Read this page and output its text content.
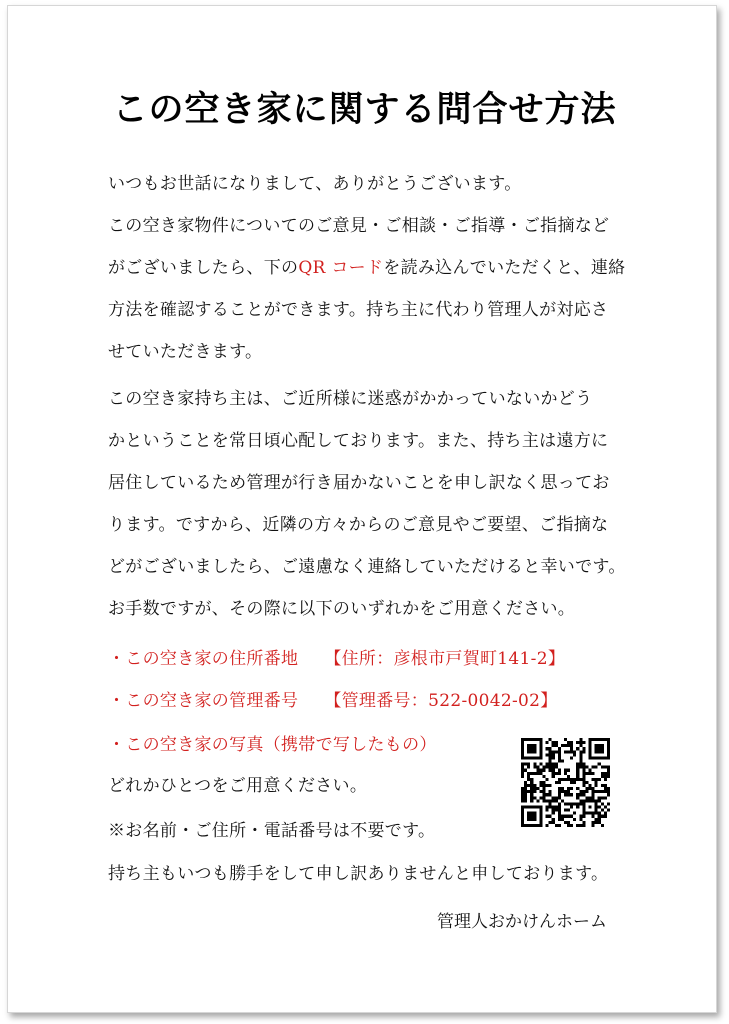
この空き家に関する問合せ方法
いつもお世話になりまして、ありがとうございます。
この空き家物件についてのご意見・ご相談・ご指導・ご指摘など
がございましたら、下のQR コードを読み込んでいただくと、連絡
方法を確認することができます。持ち主に代わり管理人が対応さ
せていただきます。
この空き家持ち主は、ご近所様に迷惑がかかっていないかどう
かということを常日頃心配しております。また、持ち主は遠方に
居住しているため管理が行き届かないことを申し訳なく思ってお
ります。ですから、近隣の方々からのご意見やご要望、ご指摘な
どがございましたら、ご遠慮なく連絡していただけると幸いです。
お手数ですが、その際に以下のいずれかをご用意ください。
・この空き家の住所番地 【住所：彦根市戸賀町141-2】
・この空き家の管理番号 【管理番号：522-0042-02】
・この空き家の写真（携帯で写したもの）
どれかひとつをご用意ください。
※お名前・ご住所・電話番号は不要です。
持ち主もいつも勝手をして申し訳ありませんと申しております。
管理人おかけんホーム
